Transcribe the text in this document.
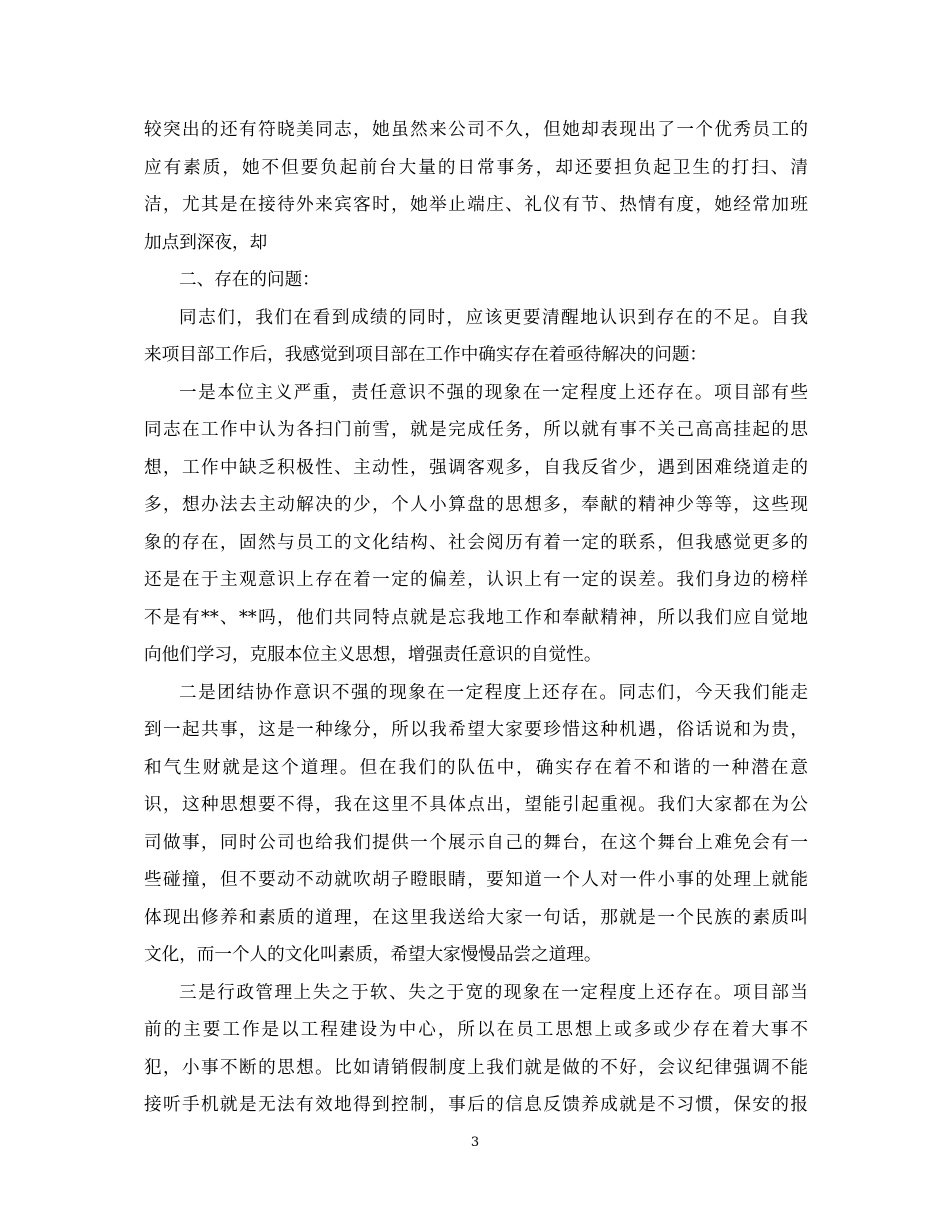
较突出的还有符晓美同志，她虽然来公司不久，但她却表现出了一个优秀员工的
应有素质，她不但要负起前台大量的日常事务，却还要担负起卫生的打扫、清
洁，尤其是在接待外来宾客时，她举止端庄、礼仪有节、热情有度，她经常加班
加点到深夜，却
二、存在的问题：
同志们，我们在看到成绩的同时，应该更要清醒地认识到存在的不足。自我
来项目部工作后，我感觉到项目部在工作中确实存在着亟待解决的问题：
一是本位主义严重，责任意识不强的现象在一定程度上还存在。项目部有些
同志在工作中认为各扫门前雪，就是完成任务，所以就有事不关己高高挂起的思
想，工作中缺乏积极性、主动性，强调客观多，自我反省少，遇到困难绕道走的
多，想办法去主动解决的少，个人小算盘的思想多，奉献的精神少等等，这些现
象的存在，固然与员工的文化结构、社会阅历有着一定的联系，但我感觉更多的
还是在于主观意识上存在着一定的偏差，认识上有一定的误差。我们身边的榜样
不是有**、**吗，他们共同特点就是忘我地工作和奉献精神，所以我们应自觉地
向他们学习，克服本位主义思想，增强责任意识的自觉性。
二是团结协作意识不强的现象在一定程度上还存在。同志们，今天我们能走
到一起共事，这是一种缘分，所以我希望大家要珍惜这种机遇，俗话说和为贵，
和气生财就是这个道理。但在我们的队伍中，确实存在着不和谐的一种潜在意
识，这种思想要不得，我在这里不具体点出，望能引起重视。我们大家都在为公
司做事，同时公司也给我们提供一个展示自己的舞台，在这个舞台上难免会有一
些碰撞，但不要动不动就吹胡子瞪眼睛，要知道一个人对一件小事的处理上就能
体现出修养和素质的道理，在这里我送给大家一句话，那就是一个民族的素质叫
文化，而一个人的文化叫素质，希望大家慢慢品尝之道理。
三是行政管理上失之于软、失之于宽的现象在一定程度上还存在。项目部当
前的主要工作是以工程建设为中心，所以在员工思想上或多或少存在着大事不
犯，小事不断的思想。比如请销假制度上我们就是做的不好，会议纪律强调不能
接听手机就是无法有效地得到控制，事后的信息反馈养成就是不习惯，保安的报
3
